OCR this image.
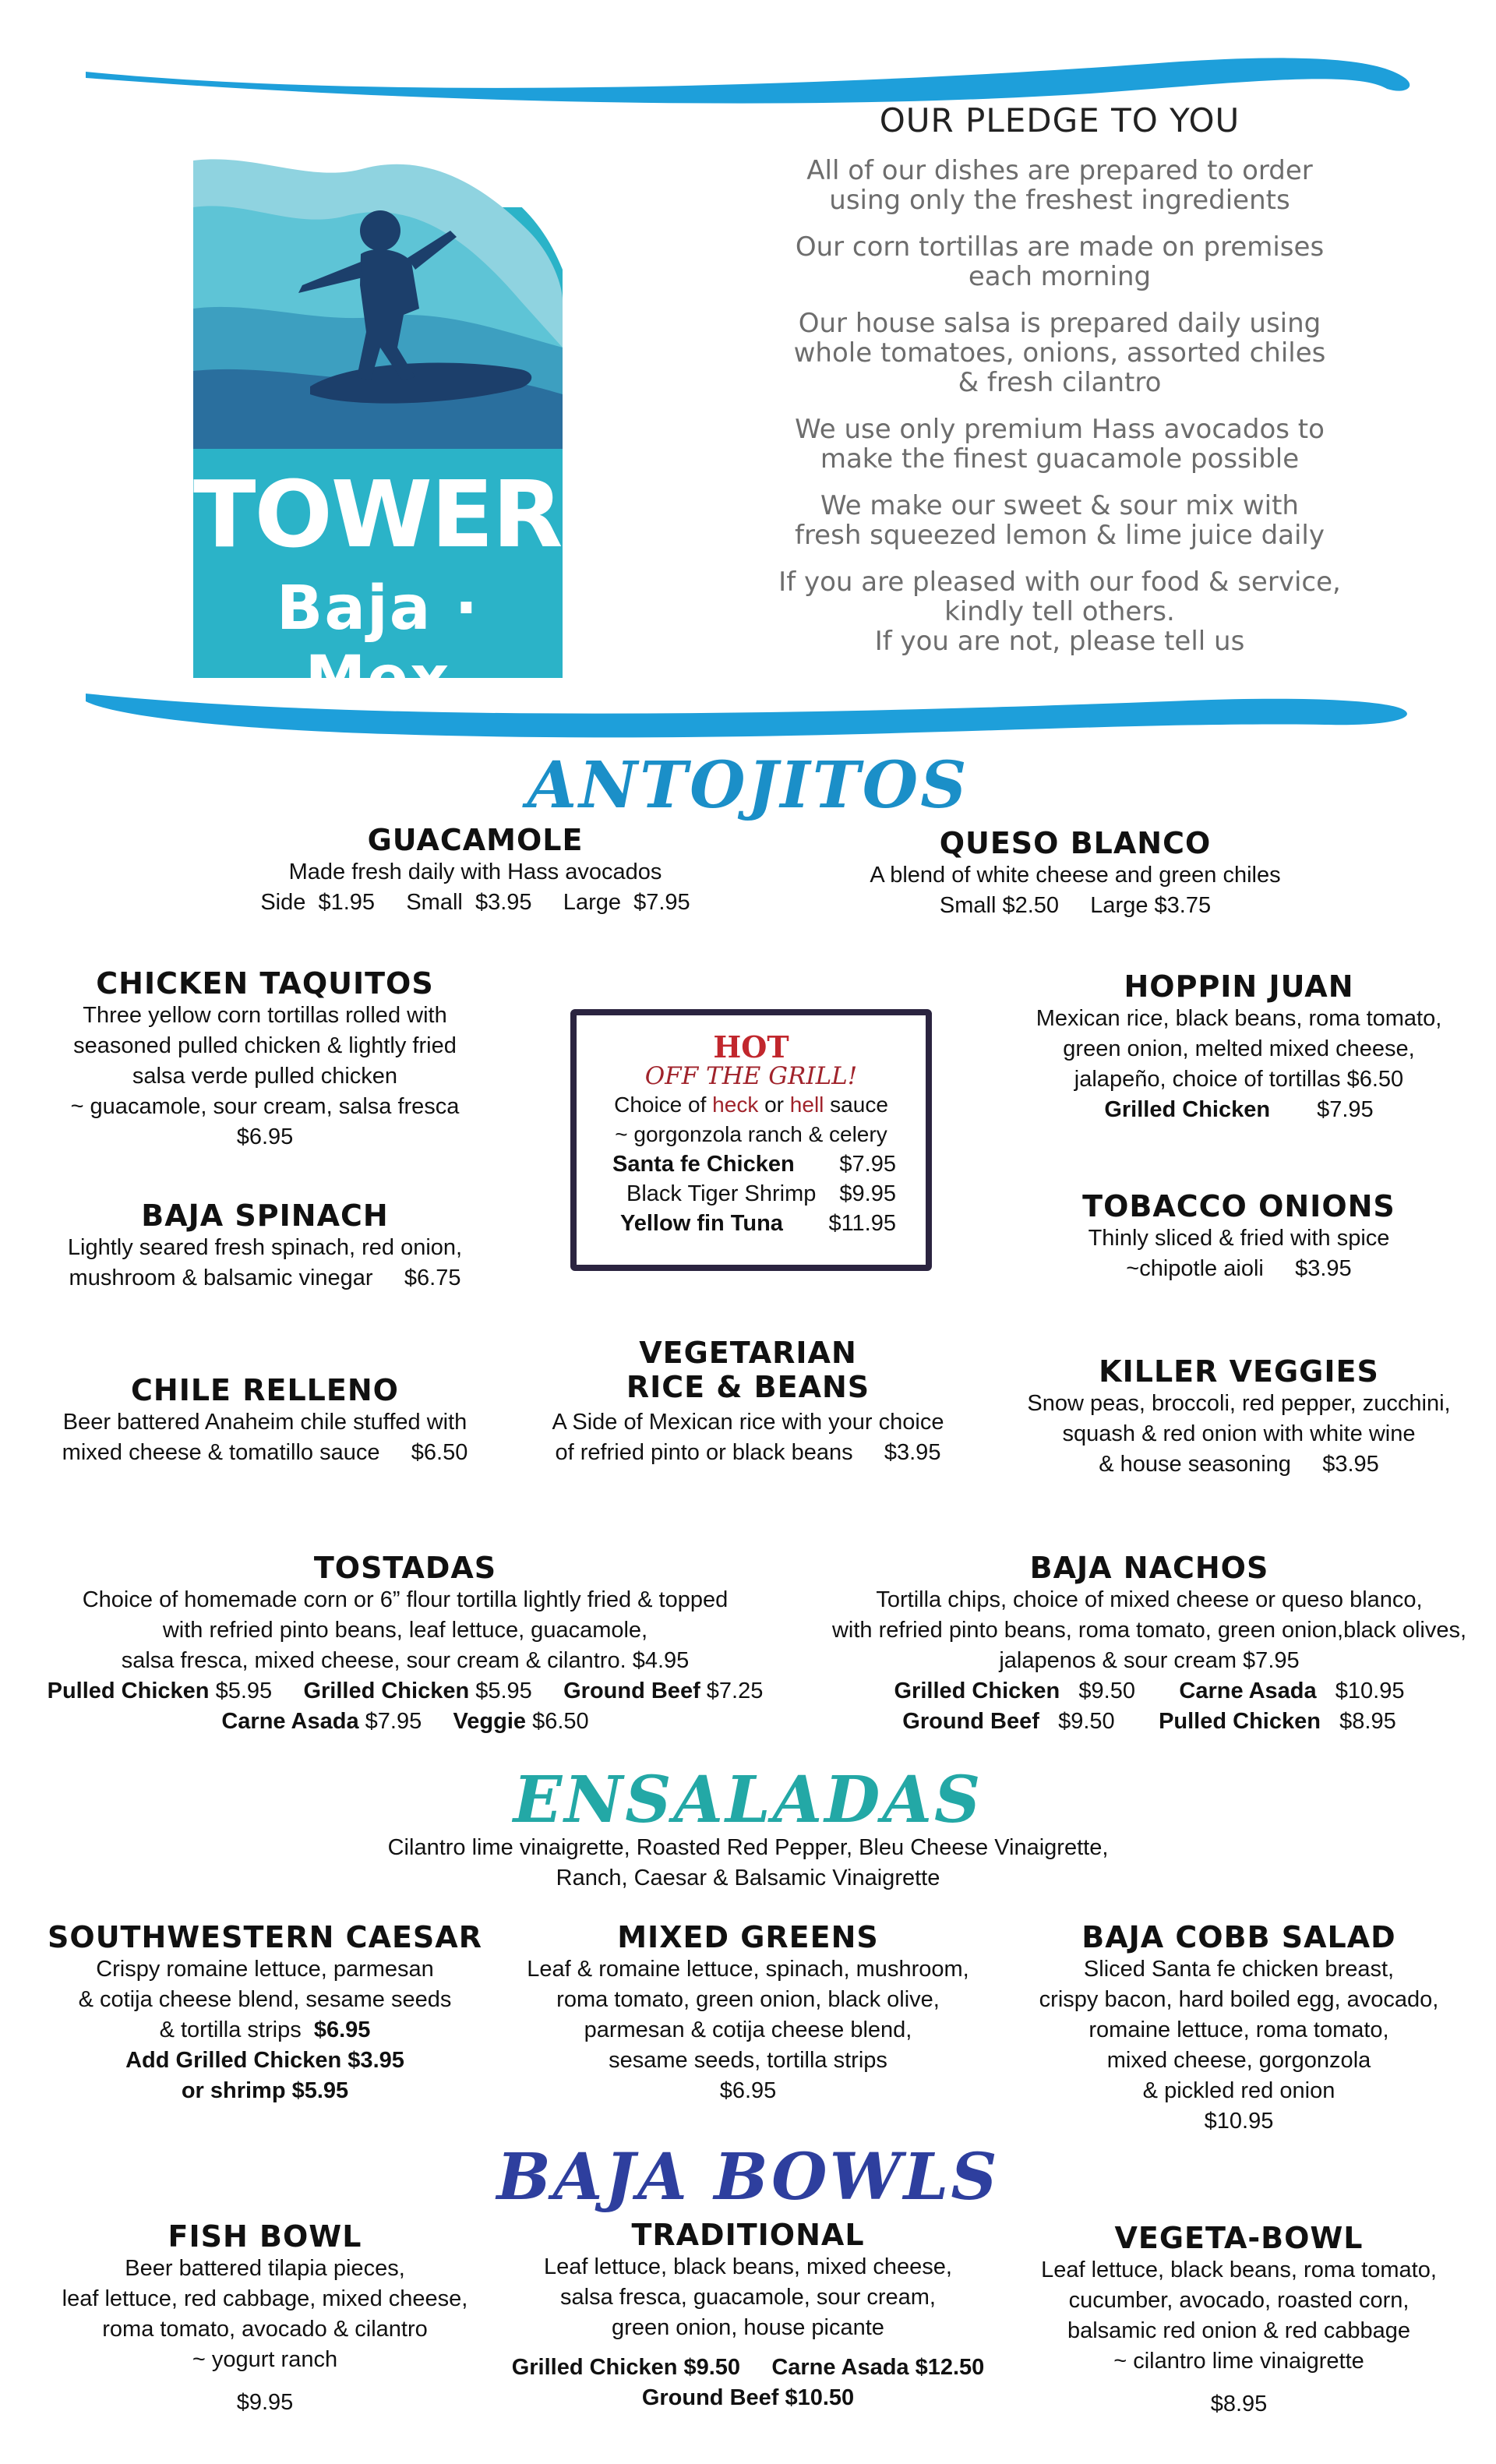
TOWER7
Baja · Mex
OUR PLEDGE TO YOU
All of our dishes are prepared to order
using only the freshest ingredients
Our corn tortillas are made on premises
each morning
Our house salsa is prepared daily using
whole tomatoes, onions, assorted chiles
& fresh cilantro
We use only premium Hass avocados to
make the finest guacamole possible
We make our sweet & sour mix with
fresh squeezed lemon & lime juice daily
If you are pleased with our food & service,
kindly tell others.
If you are not, please tell us
ANTOJITOS
GUACAMOLE
Made fresh daily with Hass avocados
Side  $1.95     Small  $3.95     Large  $7.95
QUESO BLANCO
A blend of white cheese and green chiles
Small $2.50     Large $3.75
CHICKEN TAQUITOS
Three yellow corn tortillas rolled with
seasoned pulled chicken & lightly fried
salsa verde pulled chicken
~ guacamole, sour cream, salsa fresca
$6.95
HOT
OFF THE GRILL!
Choice of heck or hell sauce
~ gorgonzola ranch & celery
Santa fe Chicken $7.95
Black Tiger Shrimp $9.95
Yellow fin Tuna $11.95
HOPPIN JUAN
Mexican rice, black beans, roma tomato,
green onion, melted mixed cheese,
jalapeño, choice of tortillas $6.50
Grilled Chicken $7.95
BAJA SPINACH
Lightly seared fresh spinach, red onion,
mushroom & balsamic vinegar     $6.75
TOBACCO ONIONS
Thinly sliced & fried with spice
~chipotle aioli     $3.95
CHILE RELLENO
Beer battered Anaheim chile stuffed with
mixed cheese & tomatillo sauce     $6.50
VEGETARIAN
RICE & BEANS
A Side of Mexican rice with your choice
of refried pinto or black beans     $3.95
KILLER VEGGIES
Snow peas, broccoli, red pepper, zucchini,
squash & red onion with white wine
& house seasoning     $3.95
TOSTADAS
Choice of homemade corn or 6” flour tortilla lightly fried & topped
with refried pinto beans, leaf lettuce, guacamole,
salsa fresca, mixed cheese, sour cream & cilantro. $4.95
Pulled Chicken $5.95 Grilled Chicken $5.95 Ground Beef $7.25
Carne Asada $7.95 Veggie $6.50
BAJA NACHOS
Tortilla chips, choice of mixed cheese or queso blanco,
with refried pinto beans, roma tomato, green onion,black olives,
jalapenos & sour cream $7.95
Grilled Chicken $9.50 Carne Asada $10.95
Ground Beef $9.50 Pulled Chicken $8.95
ENSALADAS
Cilantro lime vinaigrette, Roasted Red Pepper, Bleu Cheese Vinaigrette,
Ranch, Caesar & Balsamic Vinaigrette
SOUTHWESTERN CAESAR
Crispy romaine lettuce, parmesan
& cotija cheese blend, sesame seeds
& tortilla strips  $6.95
Add Grilled Chicken $3.95
or shrimp $5.95
MIXED GREENS
Leaf & romaine lettuce, spinach, mushroom,
roma tomato, green onion, black olive,
parmesan & cotija cheese blend,
sesame seeds, tortilla strips
$6.95
BAJA COBB SALAD
Sliced Santa fe chicken breast,
crispy bacon, hard boiled egg, avocado,
romaine lettuce, roma tomato,
mixed cheese, gorgonzola
& pickled red onion
$10.95
BAJA BOWLS
FISH BOWL
Beer battered tilapia pieces,
leaf lettuce, red cabbage, mixed cheese,
roma tomato, avocado & cilantro
~ yogurt ranch
$9.95
TRADITIONAL
Leaf lettuce, black beans, mixed cheese,
salsa fresca, guacamole, sour cream,
green onion, house picante
Grilled Chicken $9.50     Carne Asada $12.50
Ground Beef $10.50
VEGETA-BOWL
Leaf lettuce, black beans, roma tomato,
cucumber, avocado, roasted corn,
balsamic red onion & red cabbage
~ cilantro lime vinaigrette
$8.95
